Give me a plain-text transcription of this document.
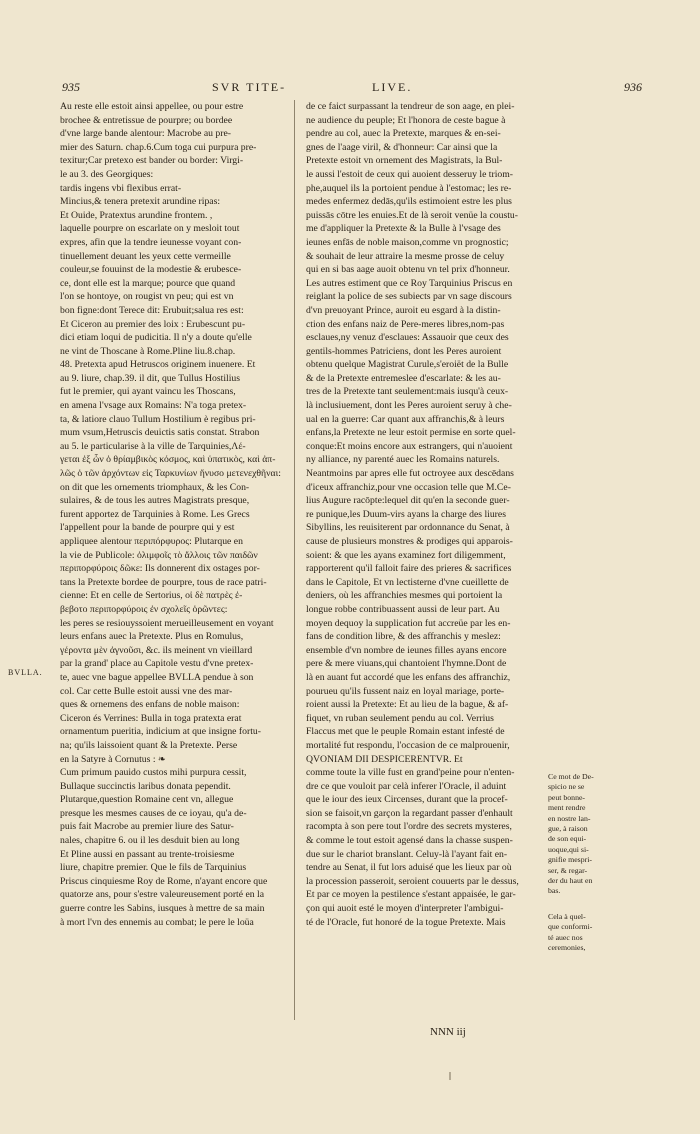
935	SVR TITE-	LIVE.	936
Au reste elle estoit ainsi appellee, ou pour estre
brochee & entretissue de pourpre; ou bordee
d'vne large bande alentour: Macrobe au pre-
mier des Saturn. chap.6.Cum toga cui purpura pre-
texitur;Car pretexo est bander ou border: Virgi-
le au 3. des Georgiques:
tardis ingens vbi flexibus errat-
Mincius,& tenera pretexit arundine ripas:
Et Ouide, Pratextus arundine frontem. ,
laquelle pourpre on escarlate on y mesloit tout
expres, afin que la tendre ieunesse voyant con-
tinuellement deuant les yeux cette vermeille
couleur,se fouuinst de la modestie & erubesce-
ce, dont elle est la marque; pource que quand
l'on se hontoye, on rougist vn peu; qui est vn
bon figne:dont Terece dit: Erubuit;salua res est:
Et Ciceron au premier des loix : Erubescunt pu-
dici etiam loqui de pudicitia. Il n'y a doute qu'elle
ne vint de Thoscane à Rome.Pline liu.8.chap.
48. Pretexta apud Hetruscos originem inuenere. Et
au 9. liure, chap.39. il dit, que Tullus Hostilius
fut le premier, qui ayant vaincu les Thoscans,
en amena l'vsage aux Romains: N'a toga pretex-
ta, & latiore clauo Tullum Hostilium è regibus pri-
mum vsum,Hetruscis deuictis satis constat. Strabon
au 5. le particularise à la ville de Tarquinies,Λέ-
γεται ἐξ ὧν ὁ θρίαμβικὸς κόσμος, καὶ ὑπατικὸς, καὶ ἀπ-
λῶς ὁ τῶν ἀρχόντων εἰς Ταρκυνίων ἤνυσο μετενεχθῆναι:
on dit que les ornements triomphaux, & les Con-
sulaires, & de tous les autres Magistrats presque,
furent apportez de Tarquinies à Rome. Les Grecs
l'appellent pour la bande de pourpre qui y est
appliquee alentour περιπόρφυρος: Plutarque en
la vie de Publicole: ὀλιμφοῖς τὸ ἄλλοις τῶν παιδῶν
περιπορφύροις δῶκε: Ils donnerent dix ostages por-
tans la Pretexte bordee de pourpre, tous de race patri-
cienne: Et en celle de Sertorius, οἱ δὲ πατρὲς ἐ-
βεβοτο περιπορφύροις ἐν σχολεῖς ὁρῶντες:
les peres se resiouyssoient merueilleusement en voyant
leurs enfans auec la Pretexte. Plus en Romulus,
γέροντα μὲν ἀγνοῦσι, &c. ils meinent vn vieillard
par la grand' place au Capitole vestu d'vne pretex-
te, auec vne bague appellee BVLLA pendue à son
col. Car cette Bulle estoit aussi vne des mar-
ques & ornemens des enfans de noble maison:
Ciceron és Verrines: Bulla in toga pratexta erat
ornamentum pueritia, indicium at que insigne fortu-
na; qu'ils laissoient quant & la Pretexte. Perse
en la Satyre à Cornutus : ❧
Cum primum pauido custos mihi purpura cessit,
Bullaque succinctis laribus donata pependit.
Plutarque,question Romaine cent vn, allegue
presque les mesmes causes de ce ioyau, qu'a de-
puis fait Macrobe au premier liure des Satur-
nales, chapitre 6. ou il les desduit bien au long
Et Pline aussi en passant au trente-troisiesme
liure, chapitre premier. Que le fils de Tarquinius
Priscus cinquiesme Roy de Rome, n'ayant encore que
quatorze ans, pour s'estre valeureusement porté en la
guerre contre les Sabins, iusques à mettre de sa main
à mort l'vn des ennemis au combat; le pere le loüa
de ce faict surpassant la tendreur de son aage, en plei-
ne audience du peuple; Et l'honora de ceste bague à
pendre au col, auec la Pretexte, marques & en-sei-
gnes de l'aage viril, & d'honneur: Car ainsi que la
Pretexte estoit vn ornement des Magistrats, la Bul-
le aussi l'estoit de ceux qui auoient desseruy le triom-
phe,auquel ils la portoient pendue à l'estomac; les re-
medes enfermez dedās,qu'ils estimoient estre les plus
puissās cōtre les enuies.Et de là seroit venüe la coustu-
me d'appliquer la Pretexte & la Bulle à l'vsage des
ieunes enfās de noble maison,comme vn prognostic;
& souhait de leur attraire la mesme prosse de celuy
qui en si bas aage auoit obtenu vn tel prix d'honneur.
Les autres estiment que ce Roy Tarquinius Priscus en
reiglant la police de ses subiects par vn sage discours
d'vn preuoyant Prince, auroit eu esgard à la distin-
ction des enfans naiz de Pere-meres libres,nom-pas
esclaues,ny venuz d'esclaues: Assauoir que ceux des
gentils-hommes Patriciens, dont les Peres auroient
obtenu quelque Magistrat Curule,s'eroiët de la Bulle
& de la Pretexte entremeslee d'escarlate: & les au-
tres de la Pretexte tant seulement:mais iusqu'à ceux-
là inclusiuement, dont les Peres auroient seruy à che-
ual en la guerre: Car quant aux affranchis,& à leurs
enfans,la Pretexte ne leur estoit permise en sorte quel-
conque:Et moins encore aux estrangers, qui n'auoient
ny alliance, ny parenté auec les Romains naturels.
Neantmoins par apres elle fut octroyee aux descēdans
d'iceux affranchiz,pour vne occasion telle que M.Ce-
lius Augure racōpte:lequel dit qu'en la seconde guer-
re punique,les Duum-virs ayans la charge des liures
Sibyllins, les reuisiterent par ordonnance du Senat, à
cause de plusieurs monstres & prodiges qui apparois-
soient: & que les ayans examinez fort diligemment,
rapporterent qu'il falloit faire des prieres & sacrifices
dans le Capitole, Et vn lectisterne d'vne cueillette de
deniers, où les affranchies mesmes qui portoient la
longue robbe contribuassent aussi de leur part. Au
moyen dequoy la supplication fut accreüe par les en-
fans de condition libre, & des affranchis y meslez:
ensemble d'vn nombre de ieunes filles ayans encore
pere & mere viuans,qui chantoient l'hymne.Dont de
là en auant fut accordé que les enfans des affranchiz,
pourueu qu'ils fussent naiz en loyal mariage, porte-
roient aussi la Pretexte: Et au lieu de la bague, & af-
fiquet, vn ruban seulement pendu au col. Verrius
Flaccus met que le peuple Romain estant infesté de
mortalité fut respondu, l'occasion de ce malprouenir,
QVONIAM DII DESPICERENTVR. Et
comme toute la ville fust en grand'peine pour n'enten-
dre ce que vouloit par celà inferer l'Oracle, il aduint
que le iour des ieux Circenses, durant que la procef-
sion se faisoit,vn garçon la regardant passer d'enhault
racompta à son pere tout l'ordre des secrets mysteres,
& comme le tout estoit agensé dans la chasse suspen-
due sur le chariot branslant. Celuy-là l'ayant fait en-
tendre au Senat, il fut lors aduisé que les lieux par où
la procession passeroit, seroient couuerts par le dessus,
Et par ce moyen la pestilence s'estant appaisée, le gar-
çon qui auoit esté le moyen d'interpreter l'ambigui-
té de l'Oracle, fut honoré de la togue Pretexte. Mais
BVLLA.
Ce mot de De-
spicio ne se
peut bonne-
ment rendre
en nostre lan-
gue, à raison
de son equi-
uoque,qui si-
gnifie mespri-
ser, & regar-
der du haut en
bas.
Cela à quel-
que conformi-
té auec nos
ceremonies,
NNN iij
